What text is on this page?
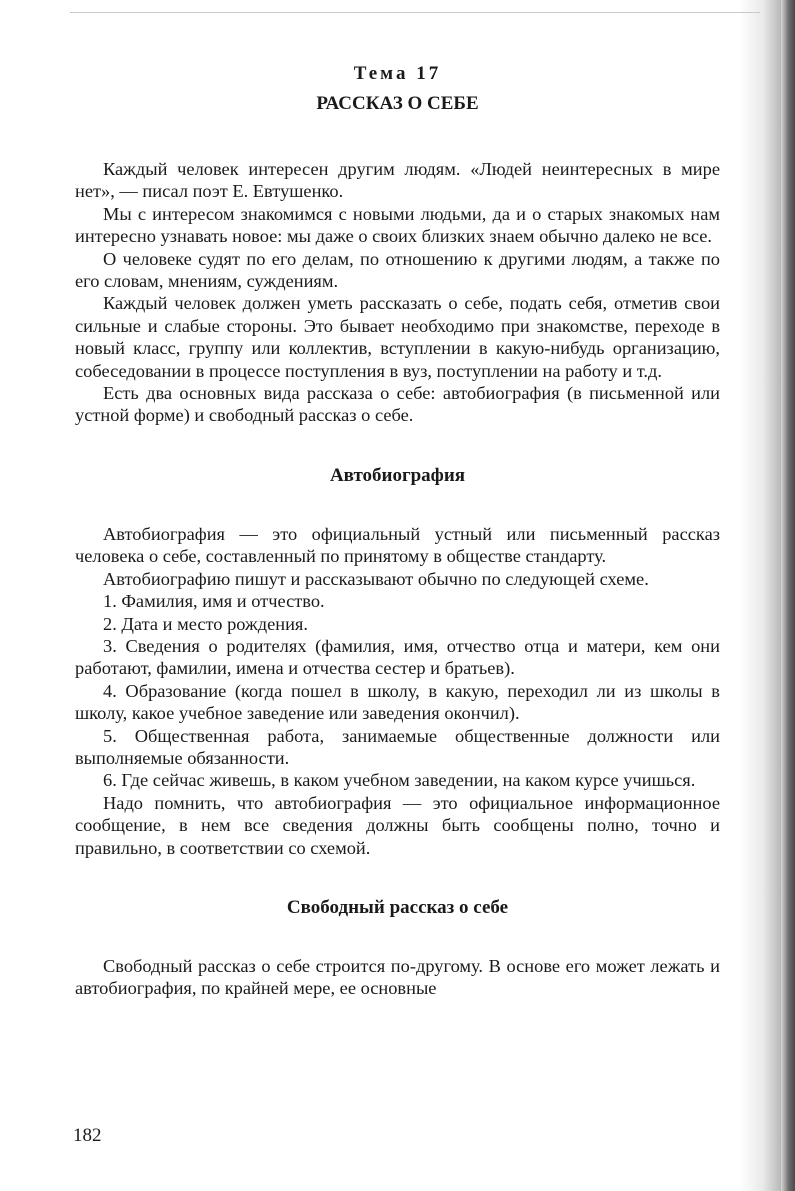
Тема 17
РАССКАЗ О СЕБЕ

Каждый человек интересен другим людям. «Людей неинтересных в мире нет», — писал поэт Е. Евтушенко.

Мы с интересом знакомимся с новыми людьми, да и о старых знакомых нам интересно узнавать новое: мы даже о своих близких знаем обычно далеко не все.

О человеке судят по его делам, по отношению к другими людям, а также по его словам, мнениям, суждениям.

Каждый человек должен уметь рассказать о себе, подать себя, отметив свои сильные и слабые стороны. Это бывает необходимо при знакомстве, переходе в новый класс, группу или коллектив, вступлении в какую-нибудь организацию, собеседовании в процессе поступления в вуз, поступлении на работу и т.д.

Есть два основных вида рассказа о себе: автобиография (в письменной или устной форме) и свободный рассказ о себе.

Автобиография

Автобиография — это официальный устный или письменный рассказ человека о себе, составленный по принятому в обществе стандарту.

Автобиографию пишут и рассказывают обычно по следующей схеме.

1. Фамилия, имя и отчество.

2. Дата и место рождения.

3. Сведения о родителях (фамилия, имя, отчество отца и матери, кем они работают, фамилии, имена и отчества сестер и братьев).

4. Образование (когда пошел в школу, в какую, переходил ли из школы в школу, какое учебное заведение или заведения окончил).

5. Общественная работа, занимаемые общественные должности или выполняемые обязанности.

6. Где сейчас живешь, в каком учебном заведении, на каком курсе учишься.

Надо помнить, что автобиография — это официальное информационное сообщение, в нем все сведения должны быть сообщены полно, точно и правильно, в соответствии со схемой.

Свободный рассказ о себе

Свободный рассказ о себе строится по-другому. В основе его может лежать и автобиография, по крайней мере, ее основные

182
